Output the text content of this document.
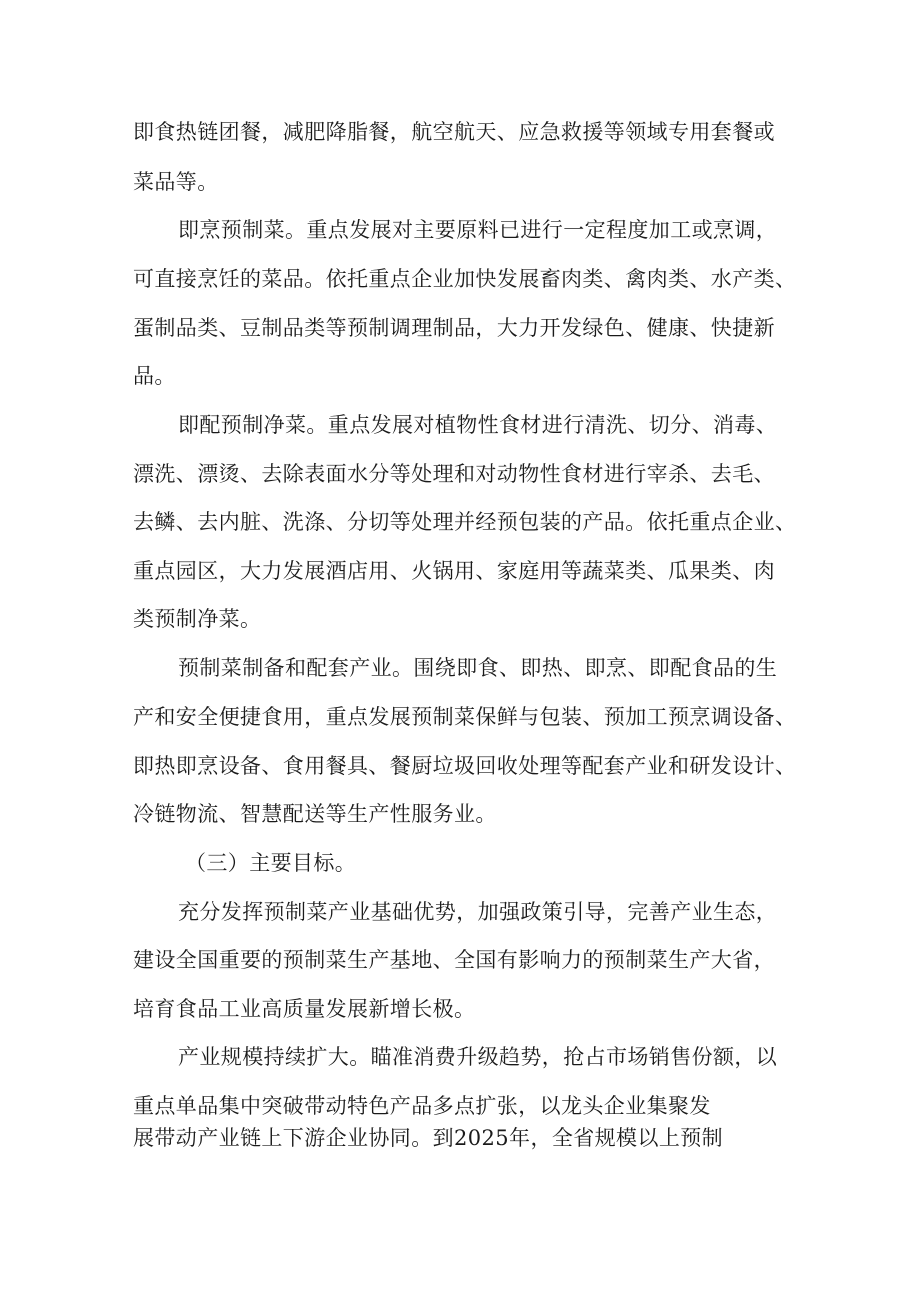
即食热链团餐，减肥降脂餐，航空航天、应急救援等领域专用套餐或
菜品等。
即烹预制菜。重点发展对主要原料已进行一定程度加工或烹调，
可直接烹饪的菜品。依托重点企业加快发展畜肉类、禽肉类、水产类、
蛋制品类、豆制品类等预制调理制品，大力开发绿色、健康、快捷新
品。
即配预制净菜。重点发展对植物性食材进行清洗、切分、消毒、
漂洗、漂烫、去除表面水分等处理和对动物性食材进行宰杀、去毛、
去鳞、去内脏、洗涤、分切等处理并经预包装的产品。依托重点企业、
重点园区，大力发展酒店用、火锅用、家庭用等蔬菜类、瓜果类、肉
类预制净菜。
预制菜制备和配套产业。围绕即食、即热、即烹、即配食品的生
产和安全便捷食用，重点发展预制菜保鲜与包装、预加工预烹调设备、
即热即烹设备、食用餐具、餐厨垃圾回收处理等配套产业和研发设计、
冷链物流、智慧配送等生产性服务业。
（三）主要目标。
充分发挥预制菜产业基础优势，加强政策引导，完善产业生态，
建设全国重要的预制菜生产基地、全国有影响力的预制菜生产大省，
培育食品工业高质量发展新增长极。
产业规模持续扩大。瞄准消费升级趋势，抢占市场销售份额，以
重点单品集中突破带动特色产品多点扩张，以龙头企业集聚发
展带动产业链上下游企业协同。到2025年，全省规模以上预制
